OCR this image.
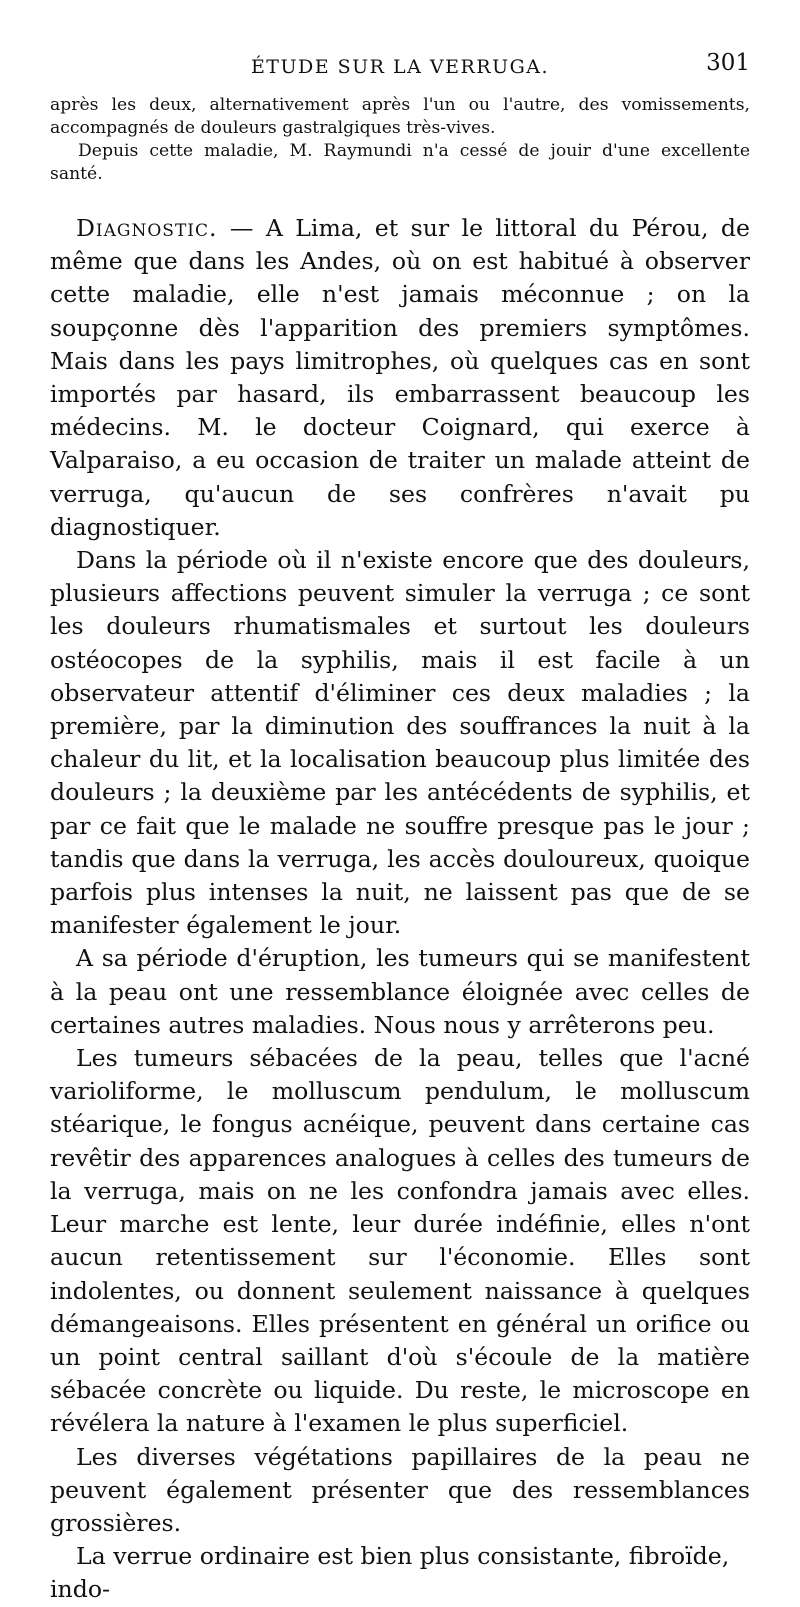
ÉTUDE SUR LA VERRUGA.	301

après les deux, alternativement après l'un ou l'autre, des vomissements, accompagnés de douleurs gastralgiques très-vives.

Depuis cette maladie, M. Raymundi n'a cessé de jouir d'une excellente santé.

Diagnostic. — A Lima, et sur le littoral du Pérou, de même que dans les Andes, où on est habitué à observer cette maladie, elle n'est jamais méconnue ; on la soupçonne dès l'apparition des premiers symptômes. Mais dans les pays limitrophes, où quelques cas en sont importés par hasard, ils embarrassent beaucoup les médecins. M. le docteur Coignard, qui exerce à Valparaiso, a eu occasion de traiter un malade atteint de verruga, qu'aucun de ses confrères n'avait pu diagnostiquer.

Dans la période où il n'existe encore que des douleurs, plusieurs affections peuvent simuler la verruga ; ce sont les douleurs rhumatismales et surtout les douleurs ostéocopes de la syphilis, mais il est facile à un observateur attentif d'éliminer ces deux maladies ; la première, par la diminution des souffrances la nuit à la chaleur du lit, et la localisation beaucoup plus limitée des douleurs ; la deuxième par les antécédents de syphilis, et par ce fait que le malade ne souffre presque pas le jour ; tandis que dans la verruga, les accès douloureux, quoique parfois plus intenses la nuit, ne laissent pas que de se manifester également le jour.

A sa période d'éruption, les tumeurs qui se manifestent à la peau ont une ressemblance éloignée avec celles de certaines autres maladies. Nous nous y arrêterons peu.

Les tumeurs sébacées de la peau, telles que l'acné varioliforme, le molluscum pendulum, le molluscum stéarique, le fongus acnéique, peuvent dans certaine cas revêtir des apparences analogues à celles des tumeurs de la verruga, mais on ne les confondra jamais avec elles. Leur marche est lente, leur durée indéfinie, elles n'ont aucun retentissement sur l'économie. Elles sont indolentes, ou donnent seulement naissance à quelques démangeaisons. Elles présentent en général un orifice ou un point central saillant d'où s'écoule de la matière sébacée concrète ou liquide. Du reste, le microscope en révélera la nature à l'examen le plus superficiel.

Les diverses végétations papillaires de la peau ne peuvent également présenter que des ressemblances grossières.

La verrue ordinaire est bien plus consistante, fibroïde, indo-
